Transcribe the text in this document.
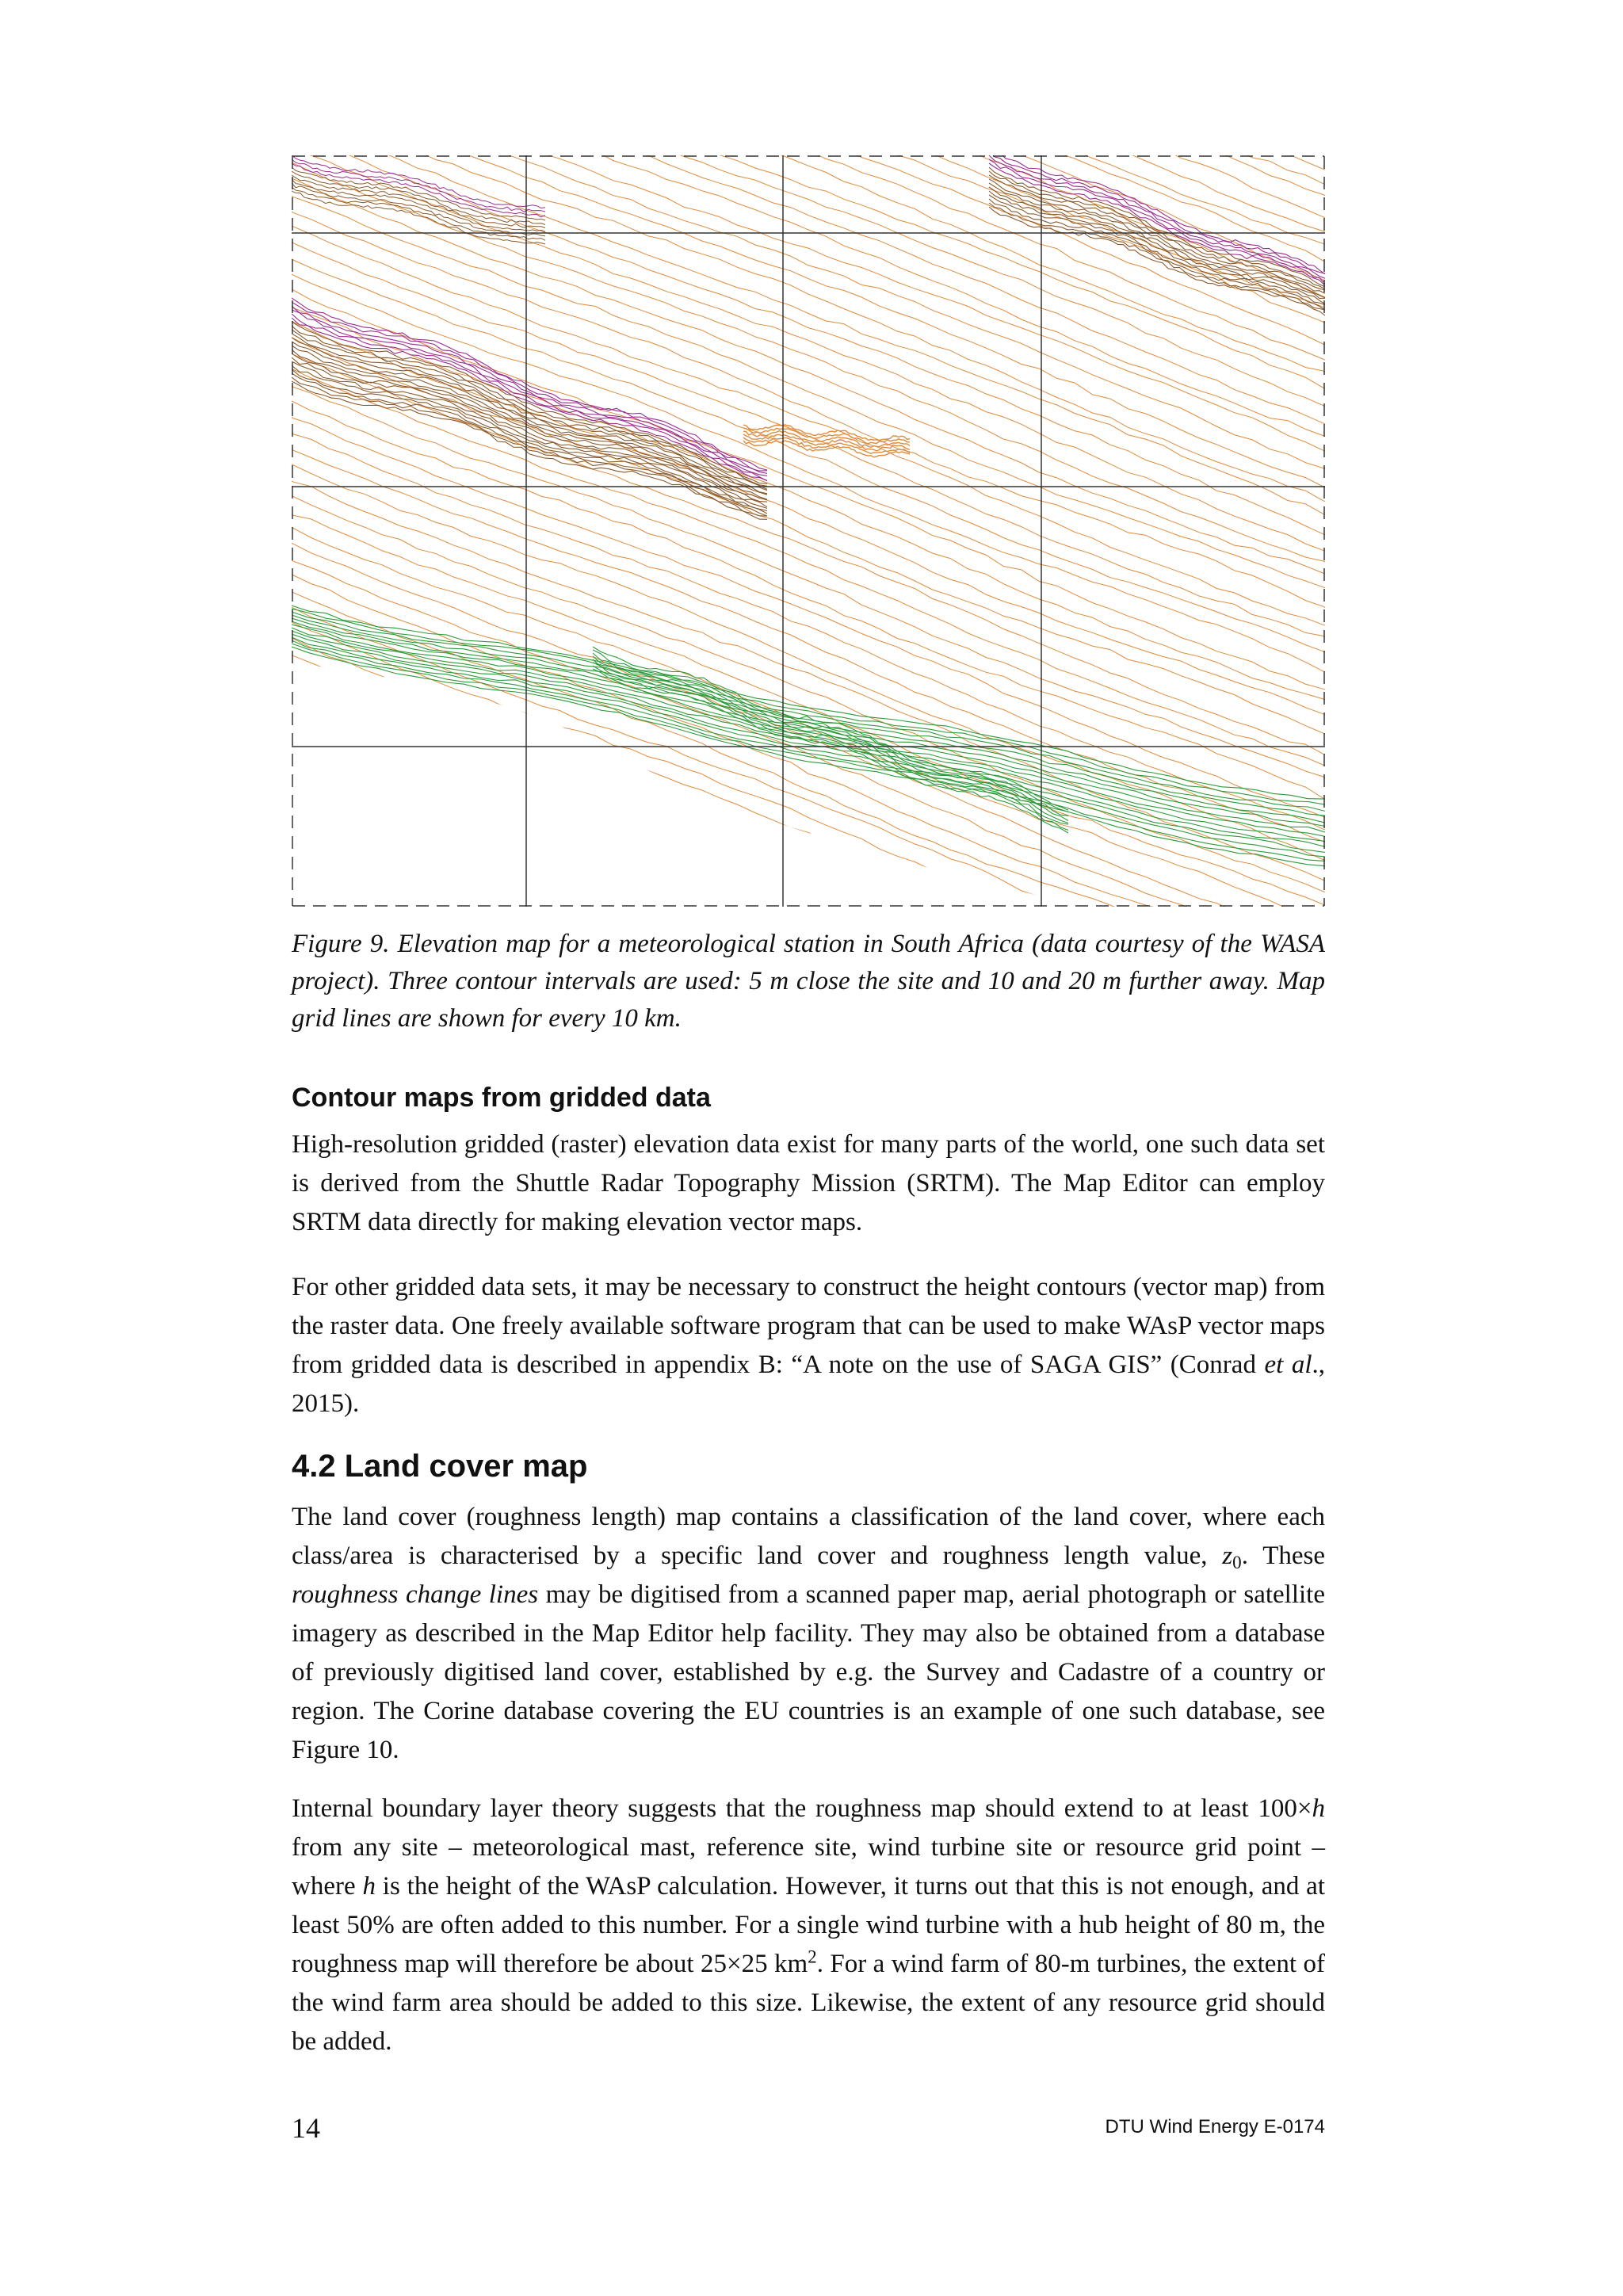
Figure 9. Elevation map for a meteorological station in South Africa (data courtesy of the WASA project). Three contour intervals are used: 5 m close the site and 10 and 20 m further away. Map grid lines are shown for every 10 km.

Contour maps from gridded data

High-resolution gridded (raster) elevation data exist for many parts of the world, one such data set is derived from the Shuttle Radar Topography Mission (SRTM). The Map Editor can employ SRTM data directly for making elevation vector maps.

For other gridded data sets, it may be necessary to construct the height contours (vector map) from the raster data. One freely available software program that can be used to make WAsP vector maps from gridded data is described in appendix B: “A note on the use of SAGA GIS” (Conrad et al., 2015).

4.2 Land cover map

The land cover (roughness length) map contains a classification of the land cover, where each class/area is characterised by a specific land cover and roughness length value, $z_0$. These roughness change lines may be digitised from a scanned paper map, aerial photograph or satellite imagery as described in the Map Editor help facility. They may also be obtained from a database of previously digitised land cover, established by e.g. the Survey and Cadastre of a country or region. The Corine database covering the EU countries is an example of one such database, see Figure 10.

Internal boundary layer theory suggests that the roughness map should extend to at least 100×h from any site – meteorological mast, reference site, wind turbine site or resource grid point – where h is the height of the WAsP calculation. However, it turns out that this is not enough, and at least 50% are often added to this number. For a single wind turbine with a hub height of 80 m, the roughness map will therefore be about 25×25 $km^2$. For a wind farm of 80-m turbines, the extent of the wind farm area should be added to this size. Likewise, the extent of any resource grid should be added.

14	DTU Wind Energy E-0174
